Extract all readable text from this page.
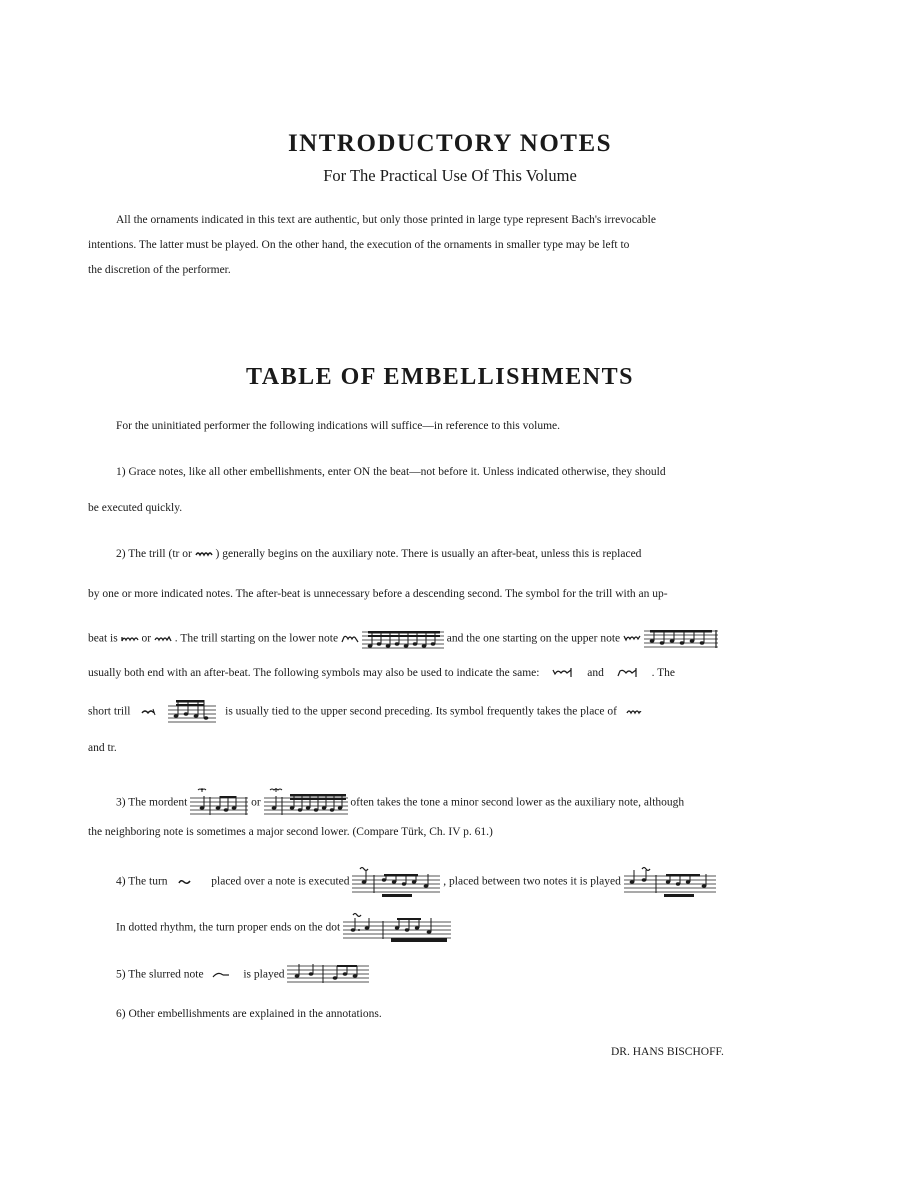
INTRODUCTORY NOTES
For The Practical Use Of This Volume
All the ornaments indicated in this text are authentic, but only those printed in large type represent Bach's irrevocable
intentions. The latter must be played. On the other hand, the execution of the ornaments in smaller type may be left to
the discretion of the performer.
TABLE OF EMBELLISHMENTS
For the uninitiated performer the following indications will suffice—in reference to this volume.
1) Grace notes, like all other embellishments, enter ON the beat—not before it. Unless indicated otherwise, they should
be executed quickly.
2) The trill (tr or ) generally begins on the auxiliary note. There is usually an after-beat, unless this is replaced
by one or more indicated notes. The after-beat is unnecessary before a descending second. The symbol for the trill with an up-
beat is or . The trill starting on the lower note
	and the one starting on the upper note

usually both end with an after-beat. The following symbols may also be used to indicate the same:	and	. The
short trill
	is usually tied to the upper second preceding. Its symbol frequently takes the place of
and tr.
3) The mordent	or	often takes the tone a minor second lower as the auxiliary note, although
the neighboring note is sometimes a major second lower. (Compare Türk, Ch. IV p. 61.)
4) The turn	placed over a note is executed	, placed between two notes it is played
In dotted rhythm, the turn proper ends on the dot
5) The slurred note	is played
6) Other embellishments are explained in the annotations.
DR. HANS BISCHOFF.
